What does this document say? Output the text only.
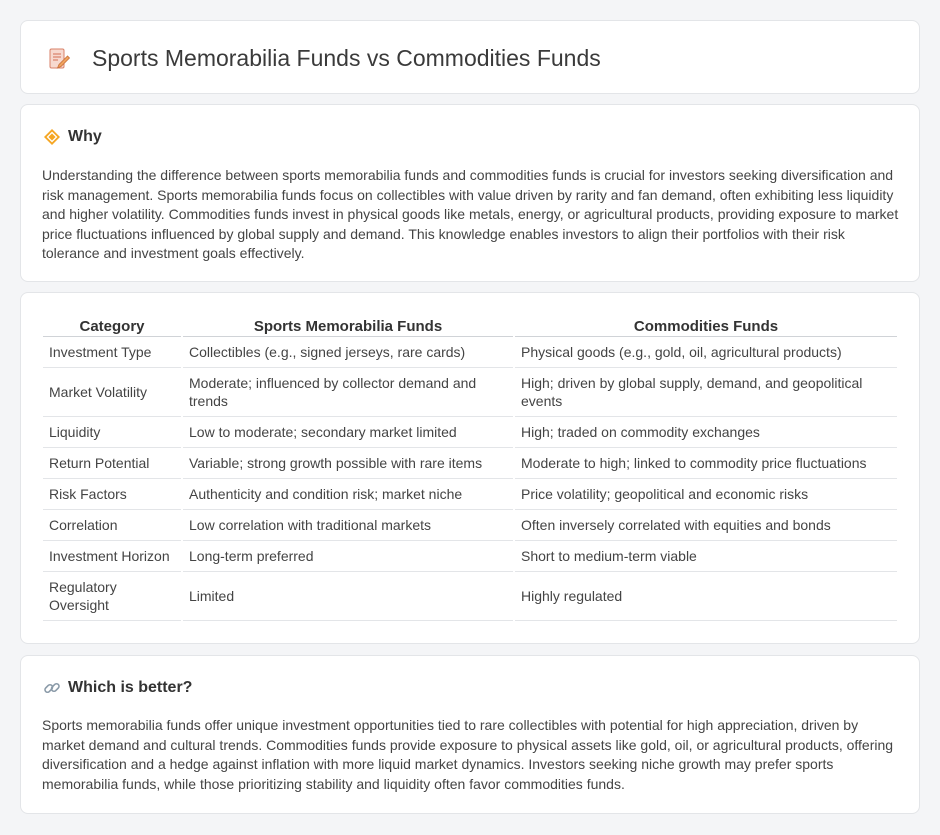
Sports Memorabilia Funds vs Commodities Funds
Why

Understanding the difference between sports memorabilia funds and commodities funds is crucial for investors seeking diversification and risk management. Sports memorabilia funds focus on collectibles with value driven by rarity and fan demand, often exhibiting less liquidity and higher volatility. Commodities funds invest in physical goods like metals, energy, or agricultural products, providing exposure to market price fluctuations influenced by global supply and demand. This knowledge enables investors to align their portfolios with their risk tolerance and investment goals effectively.

Category	Sports Memorabilia Funds	Commodities Funds
Investment Type	Collectibles (e.g., signed jerseys, rare cards)	Physical goods (e.g., gold, oil, agricultural products)
Market Volatility	Moderate; influenced by collector demand and trends	High; driven by global supply, demand, and geopolitical events
Liquidity	Low to moderate; secondary market limited	High; traded on commodity exchanges
Return Potential	Variable; strong growth possible with rare items	Moderate to high; linked to commodity price fluctuations
Risk Factors	Authenticity and condition risk; market niche	Price volatility; geopolitical and economic risks
Correlation	Low correlation with traditional markets	Often inversely correlated with equities and bonds
Investment Horizon	Long-term preferred	Short to medium-term viable
Regulatory Oversight	Limited	Highly regulated
Which is better?

Sports memorabilia funds offer unique investment opportunities tied to rare collectibles with potential for high appreciation, driven by market demand and cultural trends. Commodities funds provide exposure to physical assets like gold, oil, or agricultural products, offering diversification and a hedge against inflation with more liquid market dynamics. Investors seeking niche growth may prefer sports memorabilia funds, while those prioritizing stability and liquidity often favor commodities funds.
